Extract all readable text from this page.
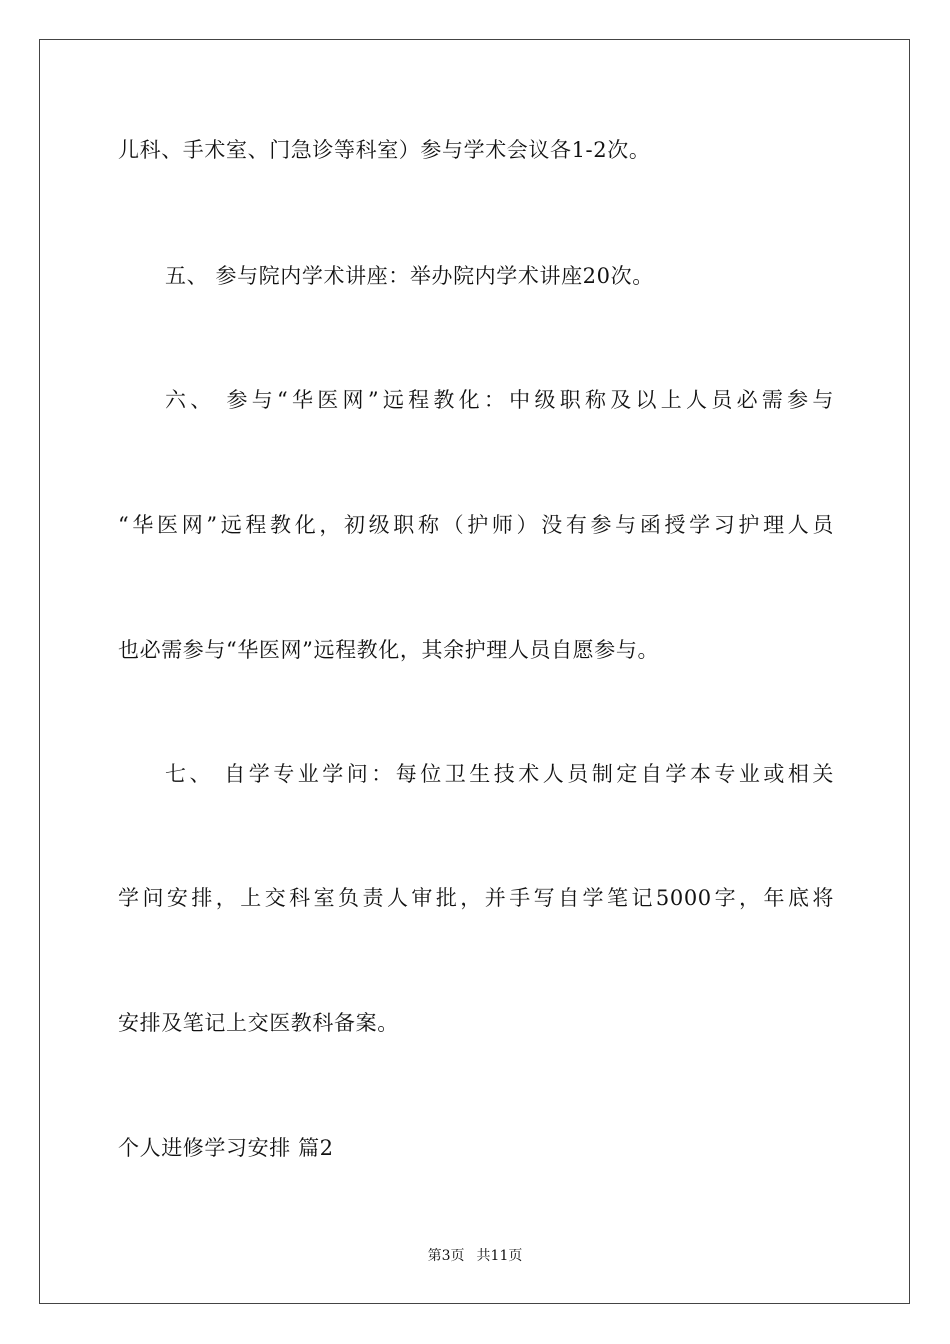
儿科、手术室、门急诊等科室）参与学术会议各1-2次。
五、 参与院内学术讲座：举办院内学术讲座20次。
六、 参与“华医网”远程教化：中级职称及以上人员必需参与
“华医网”远程教化，初级职称（护师）没有参与函授学习护理人员
也必需参与“华医网”远程教化，其余护理人员自愿参与。
七、 自学专业学问：每位卫生技术人员制定自学本专业或相关
学问安排，上交科室负责人审批，并手写自学笔记5000字，年底将
安排及笔记上交医教科备案。
个人进修学习安排 篇2
第3页 共11页
